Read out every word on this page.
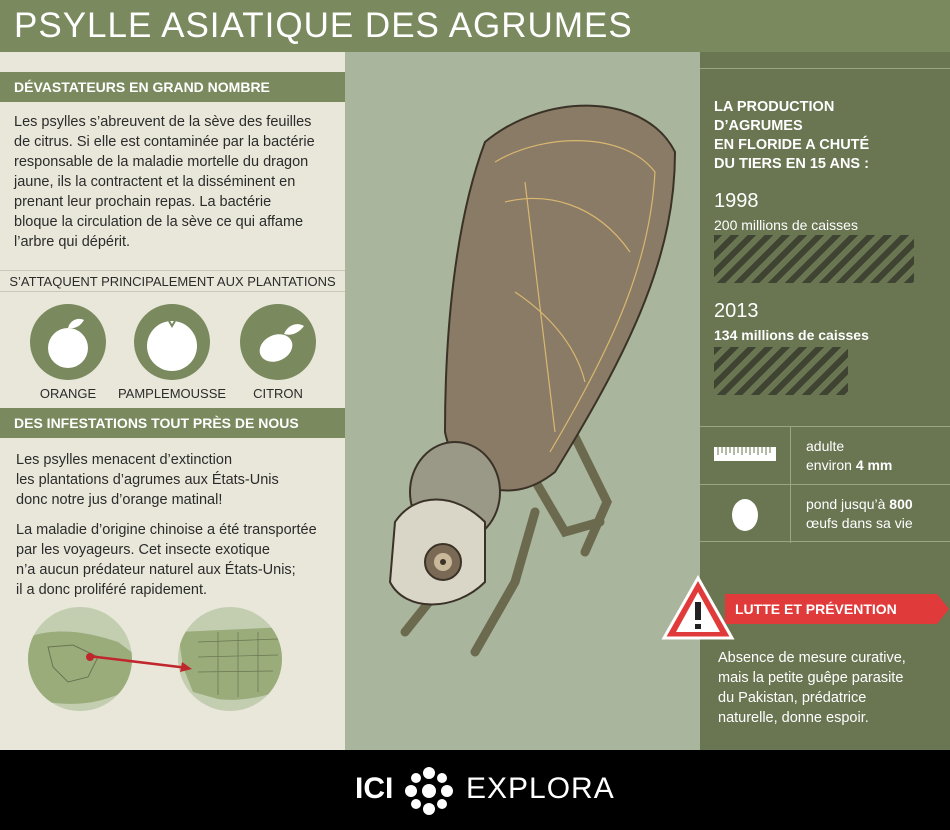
PSYLLE ASIATIQUE DES AGRUMES
DÉVASTATEURS EN GRAND NOMBRE
Les psylles s’abreuvent de la sève des feuilles
de citrus. Si elle est contaminée par la bactérie
responsable de la maladie mortelle du dragon
jaune, ils la contractent et la disséminent en
prenant leur prochain repas. La bactérie
bloque la circulation de la sève ce qui affame
l’arbre qui dépérit.
S’ATTAQUENT PRINCIPALEMENT AUX PLANTATIONS
ORANGE	PAMPLEMOUSSE	CITRON
DES INFESTATIONS TOUT PRÈS DE NOUS
Les psylles menacent d’extinction
les plantations d’agrumes aux États-Unis
donc notre jus d’orange matinal!
La maladie d’origine chinoise a été transportée
par les voyageurs. Cet insecte exotique
n’a aucun prédateur naturel aux États-Unis;
il a donc proliféré rapidement.
LA PRODUCTION
D’AGRUMES
EN FLORIDE A CHUTÉ
DU TIERS EN 15 ANS :
1998
200 millions de caisses
2013
134 millions de caisses
adulte
environ 4 mm
pond jusqu’à 800
œufs dans sa vie
Absence de mesure curative,
mais la petite guêpe parasite
du Pakistan, prédatrice
naturelle, donne espoir.
LUTTE ET PRÉVENTION
ICI EXPLORA
